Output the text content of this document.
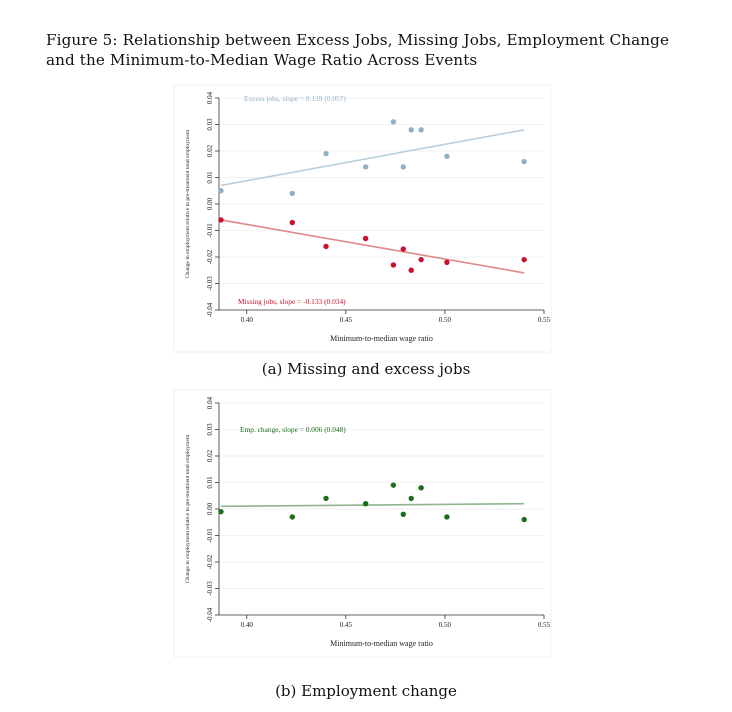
Figure 5: Relationship between Excess Jobs, Missing Jobs, Employment Change and the Minimum-to-Median Wage Ratio Across Events
-0.04
-0.03
-0.02
-0.01
0.00
0.01
0.02
0.03
0.04
0.40	0.45	0.50	0.55
Minimum-to-median wage ratio
Change in employment relative to pre-treatment total employment
Excess jobs, slope = 0.139 (0.057)
Missing jobs, slope = -0.133 (0.034)
(a) Missing and excess jobs
-0.04
-0.03
-0.02
-0.01
0.00
0.01
0.02
0.03
0.04
0.40	0.45	0.50	0.55
Minimum-to-median wage ratio
Change in employment relative to pre-treatment total employment
Emp. change, slope = 0.006 (0.048)
(b) Employment change
